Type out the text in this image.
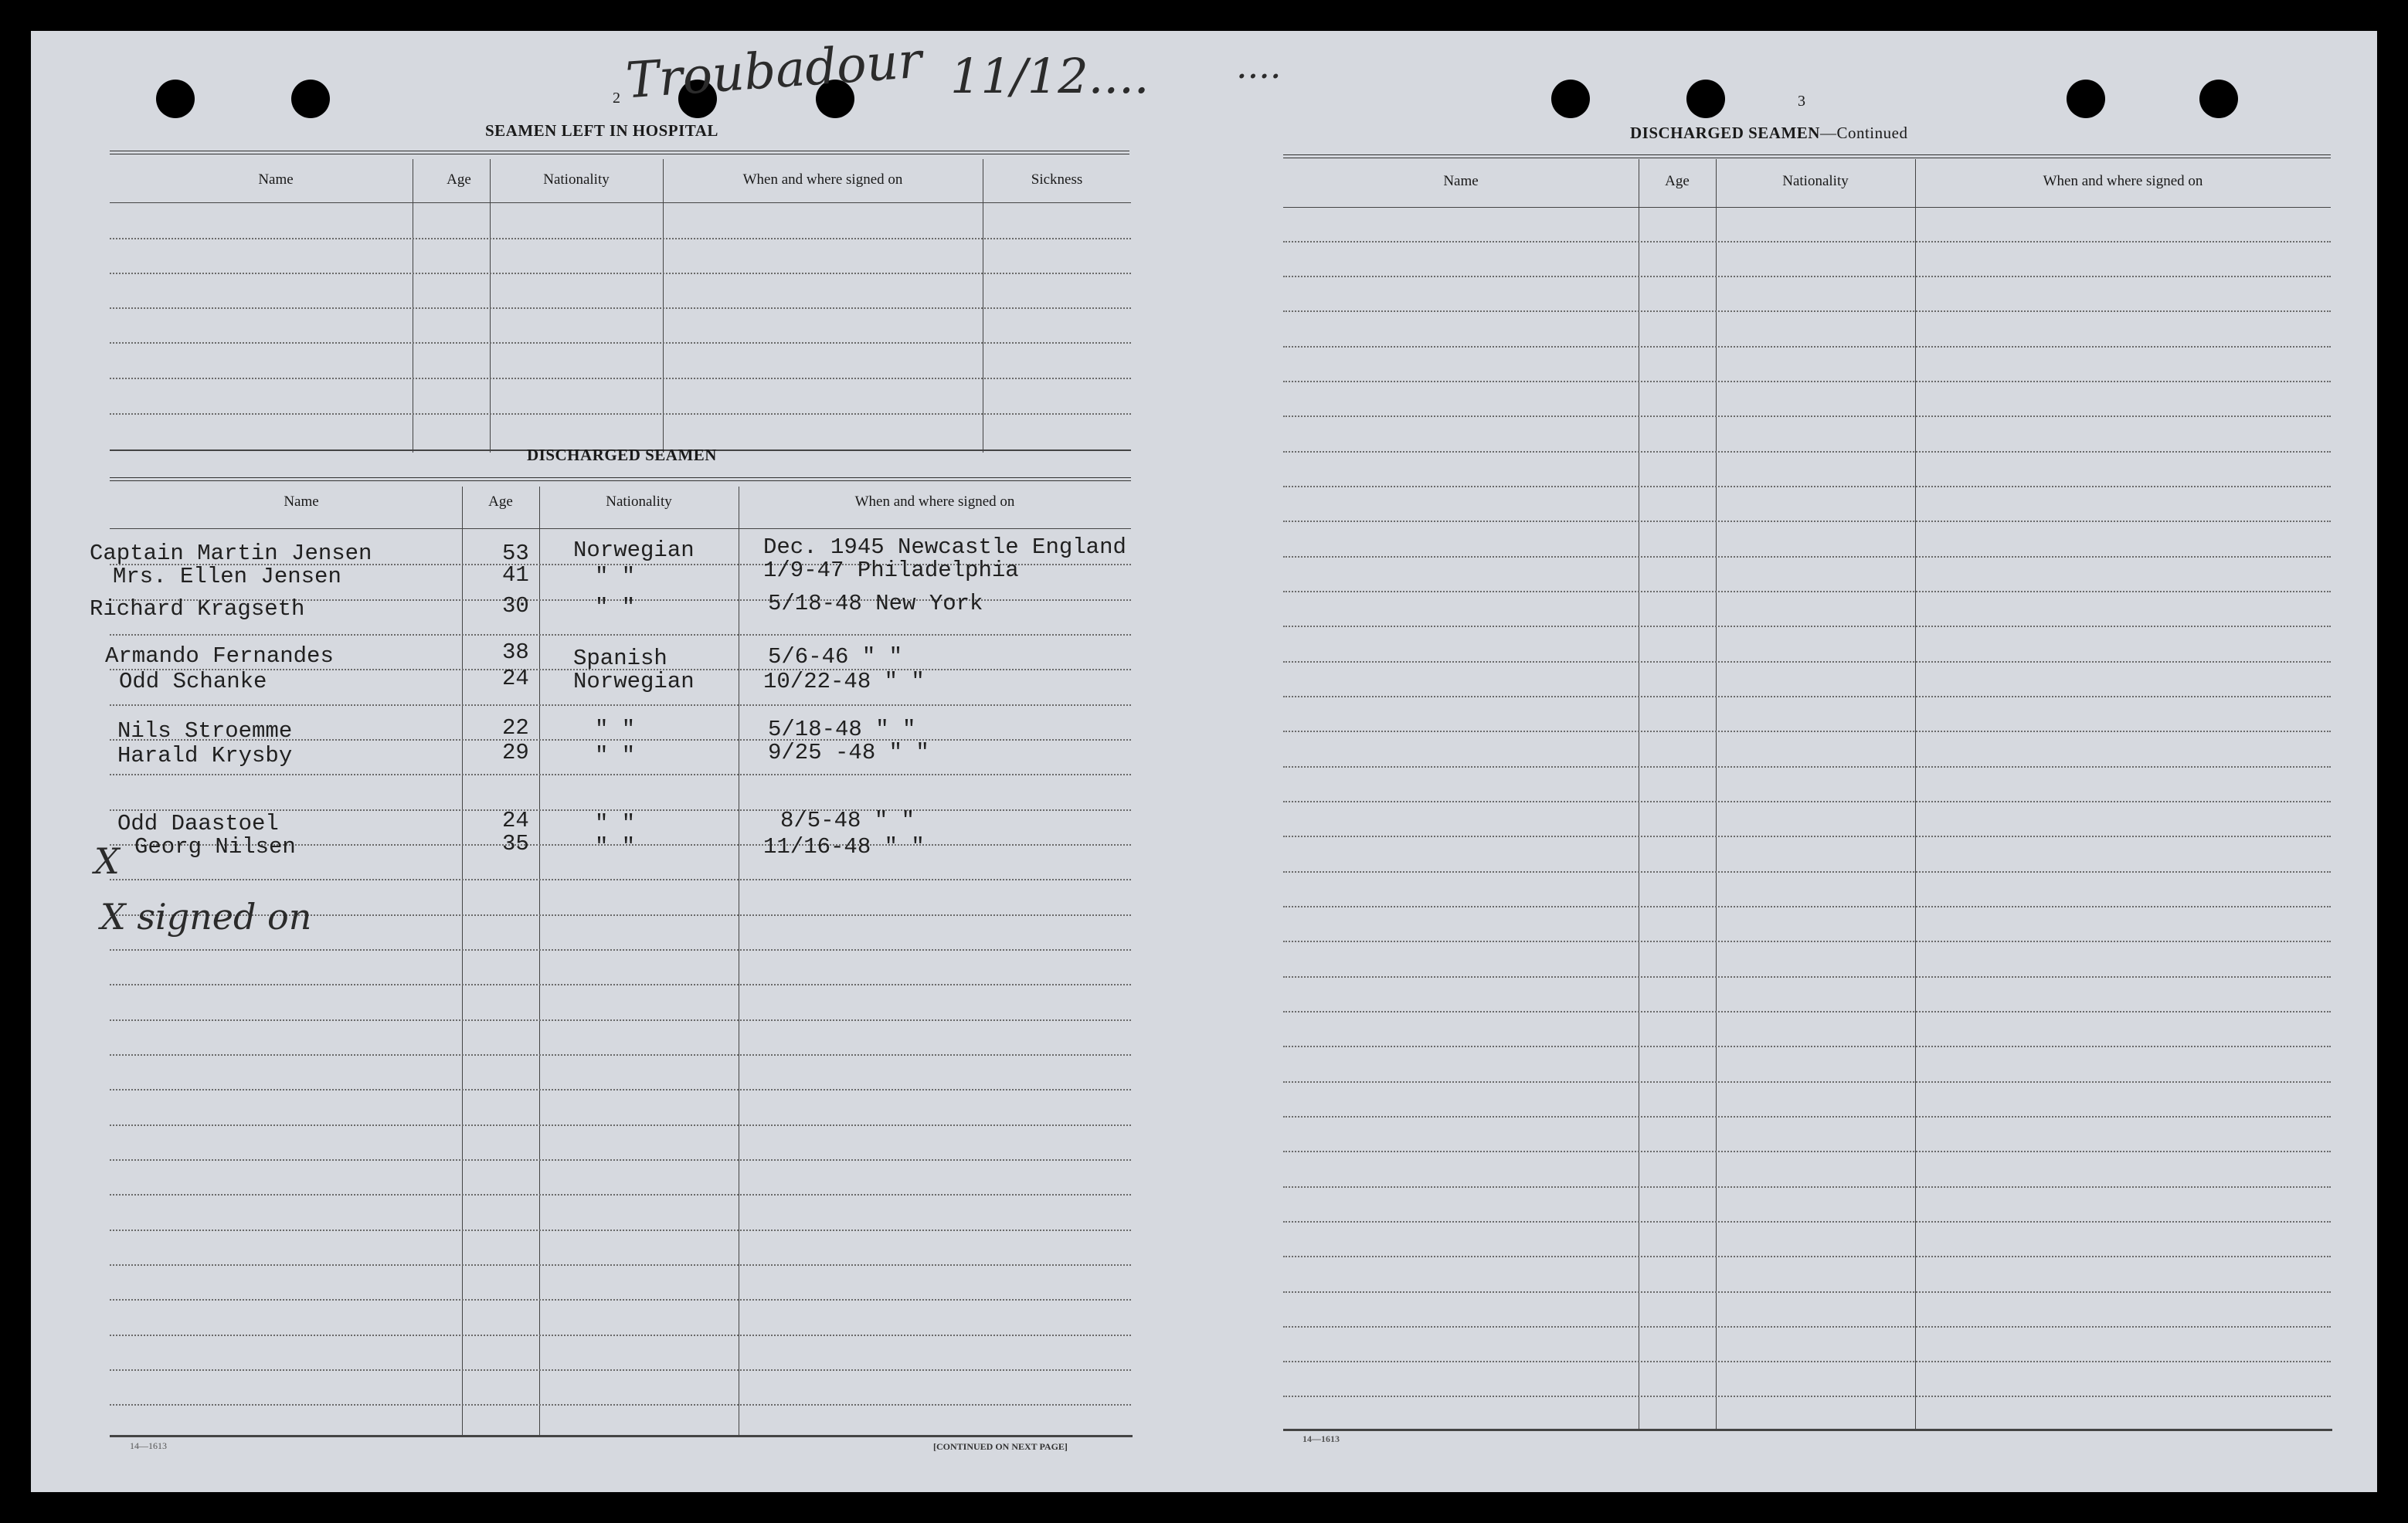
Troubadour 11/12.... ....
2
SEAMEN LEFT IN HOSPITAL
Name	Age	Nationality	When and where signed on	Sickness
DISCHARGED SEAMEN
Name	Age	Nationality	When and where signed on
Captain Martin Jensen	53 Norwegian	Dec. 1945 Newcastle England
Mrs. Ellen Jensen	41	" "	1/9-47 Philadelphia
Richard Kragseth	30	" "	5/18-48 New York
Armando Fernandes	38 Spanish	5/6-46 " "
Odd Schanke	24 Norwegian	10/22-48 " "
Nils Stroemme	22	" "	5/18-48 " "
Harald Krysby	29	" "	9/25 -48 " "
Odd Daastoel	24	" "	8/5-48 " "
Georg Nilsen	35	" "	11/16-48 " "
X
X signed on
14—1613	[CONTINUED ON NEXT PAGE]
3
DISCHARGED SEAMEN—Continued
Name	Age	Nationality	When and where signed on
14—1613
